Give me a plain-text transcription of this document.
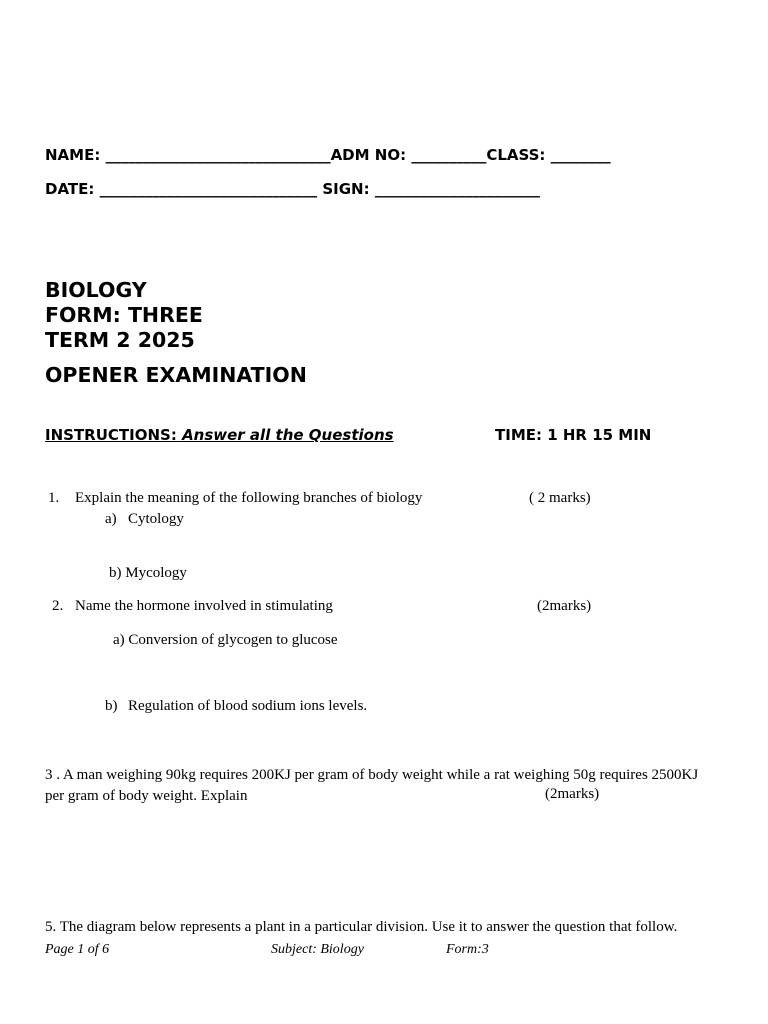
NAME: ______________________________ADM NO: __________CLASS: ________
DATE: _____________________________ SIGN: ______________________
BIOLOGY
FORM: THREE
TERM 2 2025
OPENER EXAMINATION
INSTRUCTIONS: Answer all the Questions	TIME: 1 HR 15 MIN
1. Explain the meaning of the following branches of biology	( 2 marks)
a) Cytology
b) Mycology
2. Name the hormone involved in stimulating	(2marks)
a) Conversion of glycogen to glucose
b) Regulation of blood sodium ions levels.
3 . A man weighing 90kg requires 200KJ per gram of body weight while a rat weighing 50g requires 2500KJ per gram of body weight. Explain	(2marks)
5. The diagram below represents a plant in a particular division. Use it to answer the question that follow.
Page 1 of 6	Subject: Biology	Form:3
